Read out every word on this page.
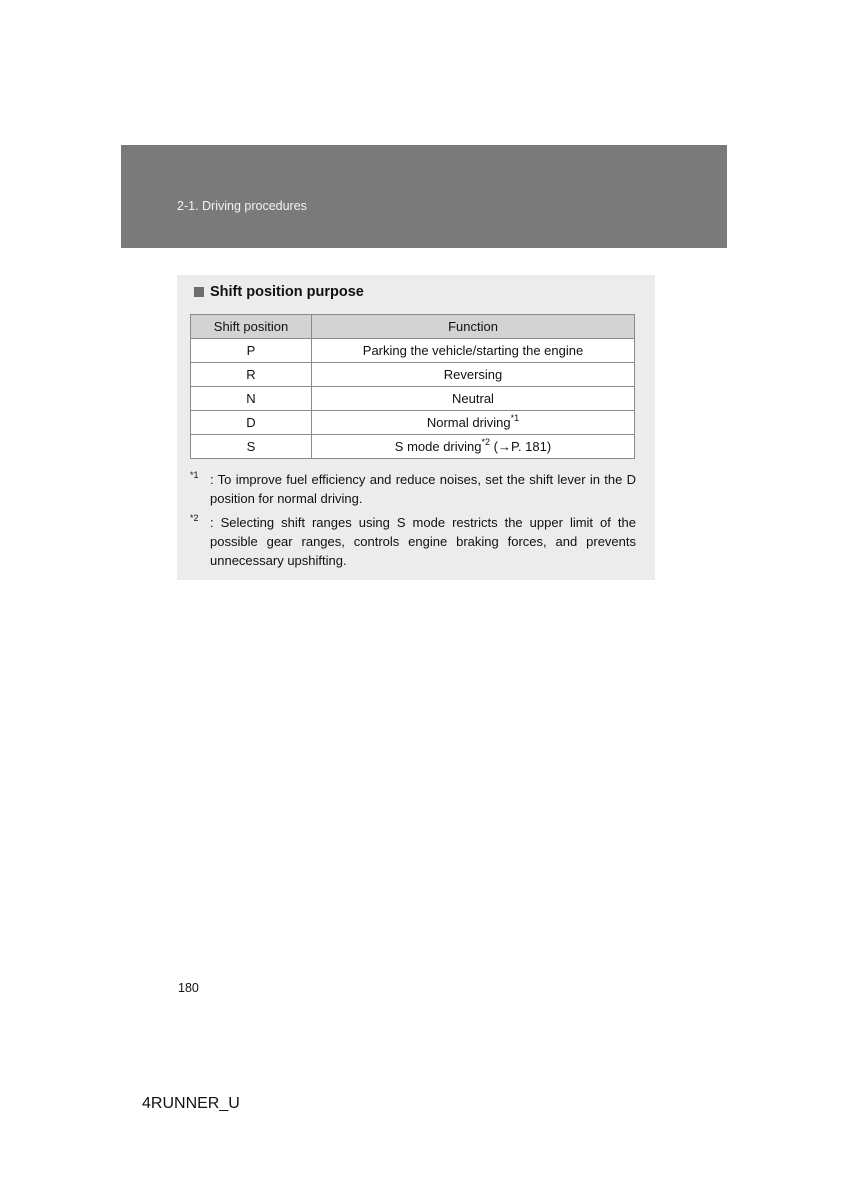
2-1. Driving procedures
Shift position purpose
Shift position	Function
P	Parking the vehicle/starting the engine
R	Reversing
N	Neutral
D	Normal driving$^{*1}$
S	S mode driving$^{*2}$ (→P. 181)
$^{*1}$ : To improve fuel efficiency and reduce noises, set the shift lever in the D position for normal driving.
$^{*2}$ : Selecting shift ranges using S mode restricts the upper limit of the possible gear ranges, controls engine braking forces, and prevents unnecessary upshifting.
180
4RUNNER_U
